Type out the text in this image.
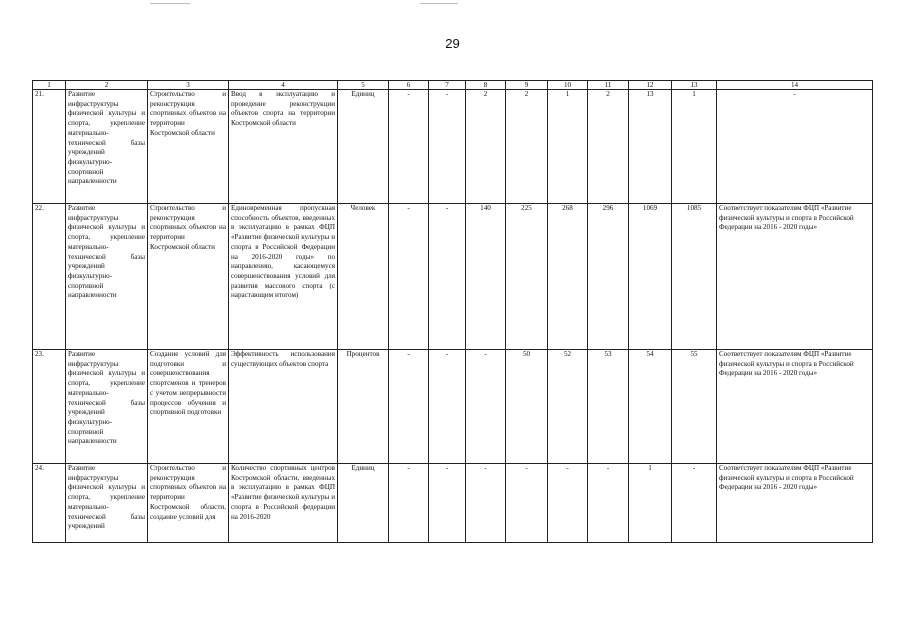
29
1	2	3	4	5	6	7	8	9	10	11	12	13	14
21.	Развитие инфраструктуры физической культуры и спорта, укрепление материально-технической базы учреждений физкультурно-спортивной направленности	Строительство и реконструкция спортивных объектов на территории Костромской области	Ввод в эксплуатацию и проведение реконструкции объектов спорта на территории Костромской области	Единиц	-	-	2	2	1	2	13	1	-
22.	Развитие инфраструктуры физической культуры и спорта, укрепление материально-технической базы учреждений физкультурно-спортивной направленности	Строительство и реконструкция спортивных объектов на территории Костромской области	Единовременная пропускная способность объектов, введенных в эксплуатацию в рамках ФЦП «Развитие физической культуры и спорта в Российской Федерации на 2016-2020 годы» по направлению, касающемуся совершенствования условий для развития массового спорта (с нарастающим итогом)	Человек	-	-	140	225	268	296	1069	1085	Соответствует показателям ФЦП «Развитие физической культуры и спорта в Российской Федерации на 2016 - 2020 годы»
23.	Развитие инфраструктуры физической культуры и спорта, укрепление материально-технической базы учреждений физкультурно-спортивной направленности	Создание условий для подготовки и совершенствования спортсменов и тренеров с учетом непрерывности процессов обучения и спортивной подготовки	Эффективность использования существующих объектов спорта	Процентов	-	-	-	50	52	53	54	55	Соответствует показателям ФЦП «Развитие физической культуры и спорта в Российской Федерации на 2016 - 2020 годы»
24.	Развитие инфраструктуры физической культуры и спорта, укрепление материально-технической базы учреждений	Строительство и реконструкция спортивных объектов на территории Костромской области, создание условий для	Количество спортивных центров Костромской области, введенных в эксплуатацию в рамках ФЦП «Развитие физической культуры и спорта в Российской федерации на 2016-2020	Единиц	-	-	-	-	-	-	1	-	Соответствует показателям ФЦП «Развитие физической культуры и спорта в Российской Федерации на 2016 - 2020 годы»
